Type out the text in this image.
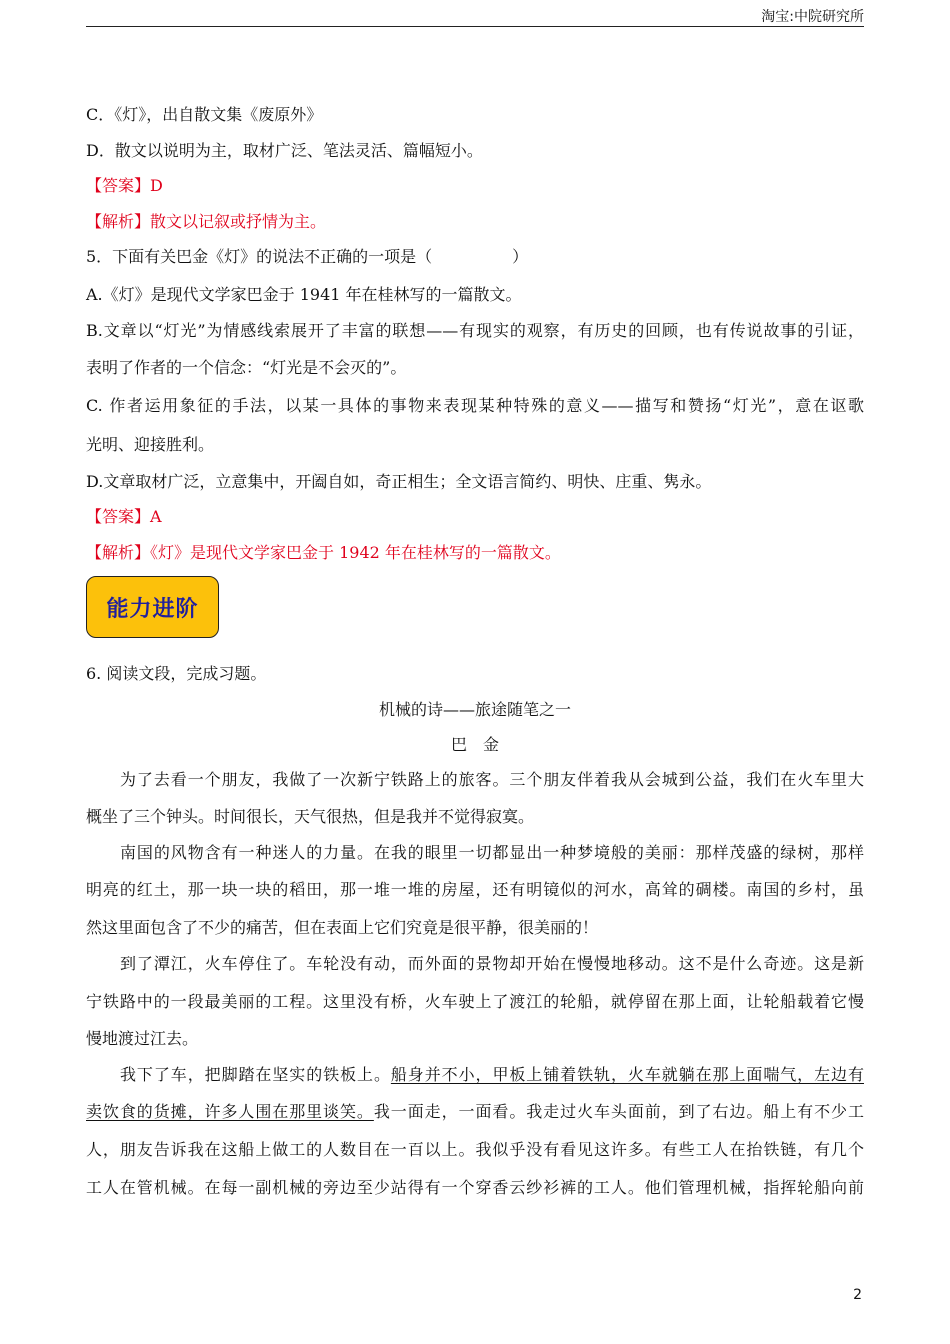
淘宝:中院研究所
C．《灯》，出自散文集《废原外》
D．散文以说明为主，取材广泛、笔法灵活、篇幅短小。
【答案】D
【解析】散文以记叙或抒情为主。
5．下面有关巴金《灯》的说法不正确的一项是（　　　　　）
A.《灯》是现代文学家巴金于 1941 年在桂林写的一篇散文。
B.文章以“灯光”为情感线索展开了丰富的联想——有现实的观察，有历史的回顾，也有传说故事的引证，
表明了作者的一个信念：“灯光是不会灭的”。
C. 作者运用象征的手法，以某一具体的事物来表现某种特殊的意义——描写和赞扬“灯光”，意在讴歌
光明、迎接胜利。
D.文章取材广泛，立意集中，开阖自如，奇正相生；全文语言简约、明快、庄重、隽永。
【答案】A
【解析】《灯》是现代文学家巴金于 1942 年在桂林写的一篇散文。
能力进阶
6. 阅读文段，完成习题。
机械的诗——旅途随笔之一
巴　金
为了去看一个朋友，我做了一次新宁铁路上的旅客。三个朋友伴着我从会城到公益，我们在火车里大
概坐了三个钟头。时间很长，天气很热，但是我并不觉得寂寞。
南国的风物含有一种迷人的力量。在我的眼里一切都显出一种梦境般的美丽：那样茂盛的绿树，那样
明亮的红土，那一块一块的稻田，那一堆一堆的房屋，还有明镜似的河水，高耸的碉楼。南国的乡村，虽
然这里面包含了不少的痛苦，但在表面上它们究竟是很平静，很美丽的！
到了潭江，火车停住了。车轮没有动，而外面的景物却开始在慢慢地移动。这不是什么奇迹。这是新
宁铁路中的一段最美丽的工程。这里没有桥，火车驶上了渡江的轮船，就停留在那上面，让轮船载着它慢
慢地渡过江去。
我下了车，把脚踏在坚实的铁板上。船身并不小，甲板上铺着铁轨，火车就躺在那上面喘气，左边有
卖饮食的货摊，许多人围在那里谈笑。我一面走，一面看。我走过火车头面前，到了右边。船上有不少工
人，朋友告诉我在这船上做工的人数目在一百以上。我似乎没有看见这许多。有些工人在抬铁链，有几个
工人在管机械。在每一副机械的旁边至少站得有一个穿香云纱衫裤的工人。他们管理机械，指挥轮船向前
2
